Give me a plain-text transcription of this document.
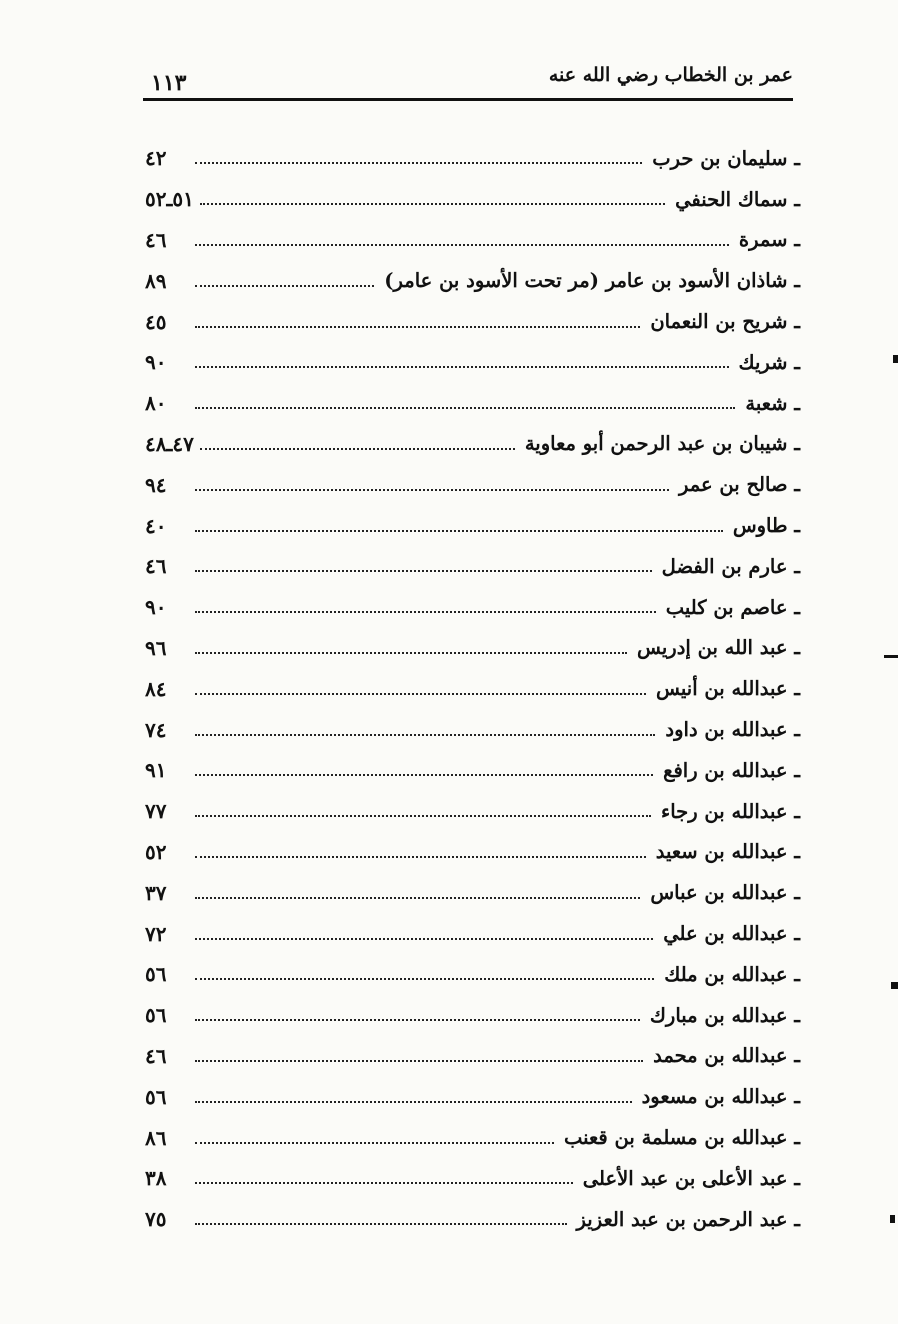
عمر بن الخطاب رضي الله عنه
١١٣
ـ سليمان بن حرب
٤٢
ـ سماك الحنفي
٥١ـ٥٢
ـ سمرة
٤٦
ـ شاذان الأسود بن عامر (مر تحت الأسود بن عامر)
٨٩
ـ شريح بن النعمان
٤٥
ـ شريك
٩٠
ـ شعبة
٨٠
ـ شيبان بن عبد الرحمن أبو معاوية
٤٧ـ٤٨
ـ صالح بن عمر
٩٤
ـ طاوس
٤٠
ـ عارم بن الفضل
٤٦
ـ عاصم بن كليب
٩٠
ـ عبد الله بن إدريس
٩٦
ـ عبدالله بن أنيس
٨٤
ـ عبدالله بن داود
٧٤
ـ عبدالله بن رافع
٩١
ـ عبدالله بن رجاء
٧٧
ـ عبدالله بن سعيد
٥٢
ـ عبدالله بن عباس
٣٧
ـ عبدالله بن علي
٧٢
ـ عبدالله بن ملك
٥٦
ـ عبدالله بن مبارك
٥٦
ـ عبدالله بن محمد
٤٦
ـ عبدالله بن مسعود
٥٦
ـ عبدالله بن مسلمة بن قعنب
٨٦
ـ عبد الأعلى بن عبد الأعلى
٣٨
ـ عبد الرحمن بن عبد العزيز
٧٥
